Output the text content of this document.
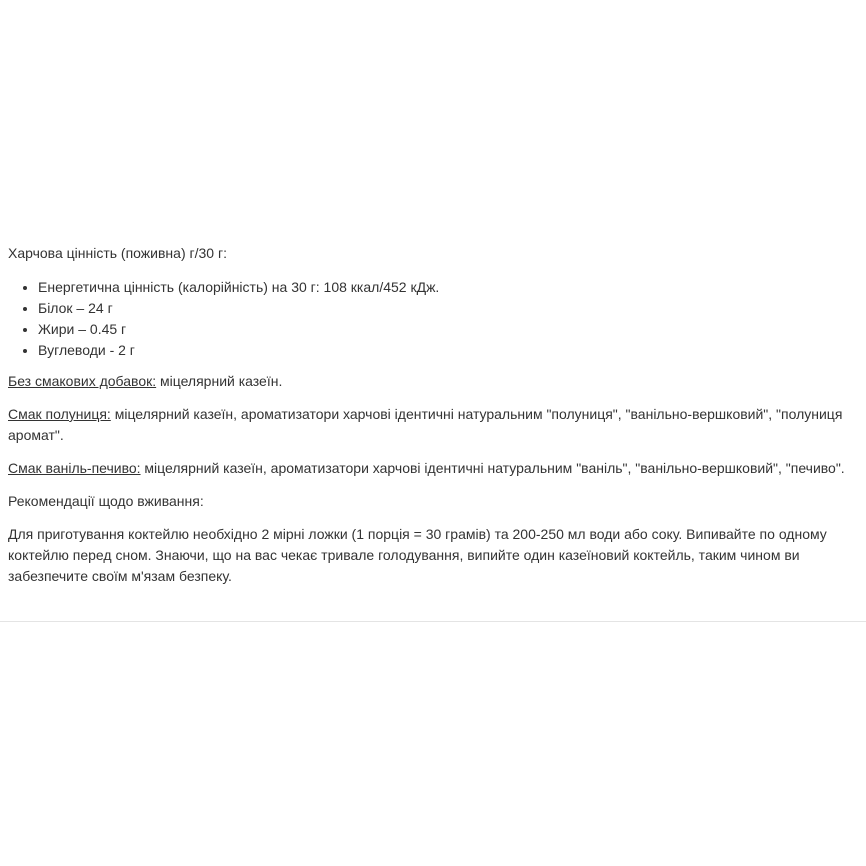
Харчова цінність (поживна) г/30 г:

• Енергетична цінність (калорійність) на 30 г: 108 ккал/452 кДж.
• Білок – 24 г
• Жири – 0.45 г
• Вуглеводи - 2 г

Без смакових добавок: міцелярний казеїн.

Смак полуниця: міцелярний казеїн, ароматизатори харчові ідентичні натуральним "полуниця", "ванільно-вершковий", "полуниця аромат".

Смак ваніль-печиво: міцелярний казеїн, ароматизатори харчові ідентичні натуральним "ваніль", "ванільно-вершковий", "печиво".

Рекомендації щодо вживання:

Для приготування коктейлю необхідно 2 мірні ложки (1 порція = 30 грамів) та 200-250 мл води або соку. Випивайте по одному коктейлю перед сном. Знаючи, що на вас чекає тривале голодування, випийте один казеїновий коктейль, таким чином ви забезпечите своїм м'язам безпеку.
